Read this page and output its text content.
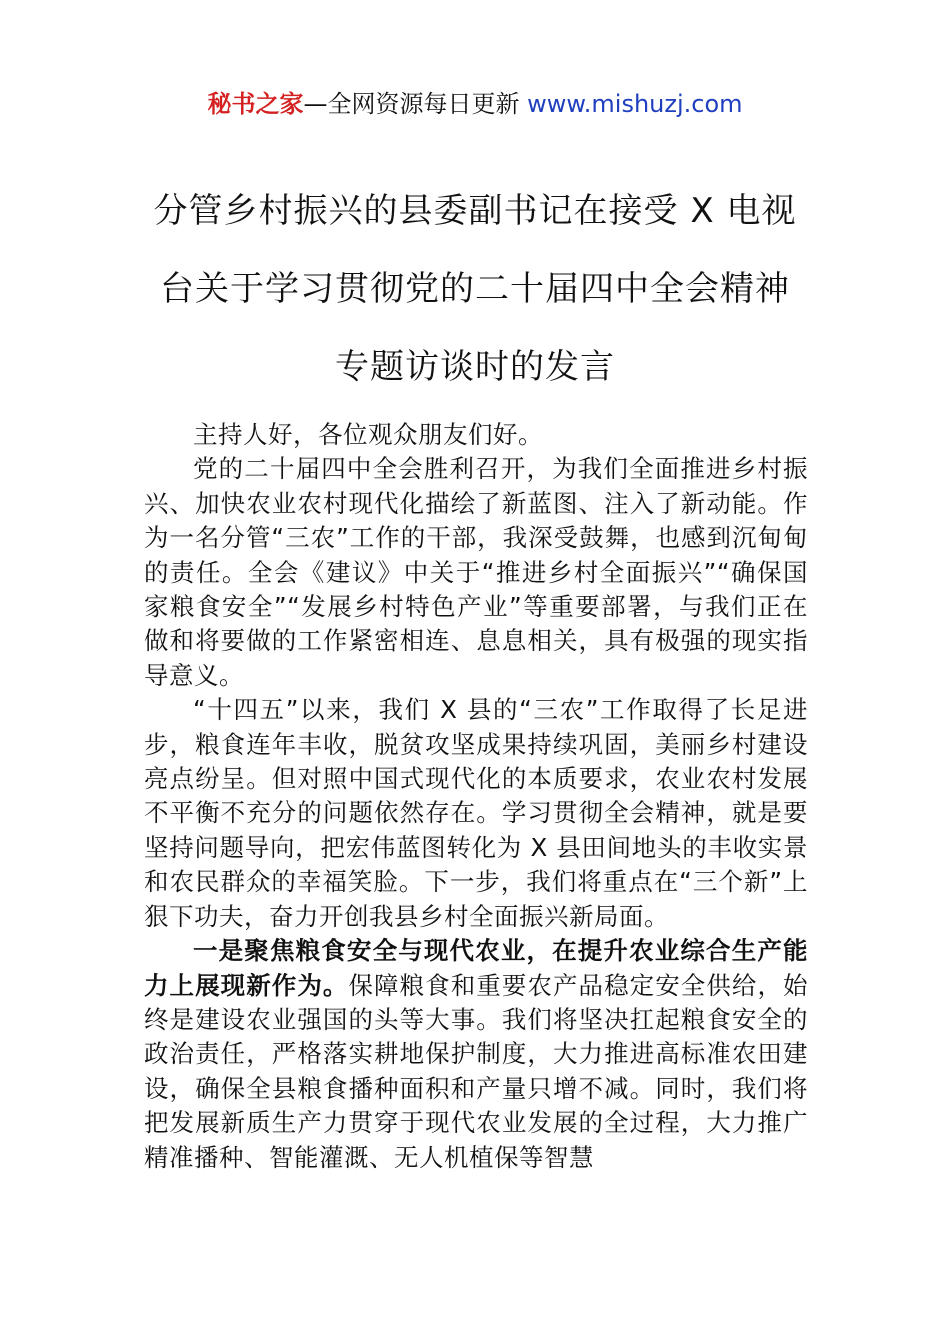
秘书之家—全网资源每日更新 www.mishuzj.com
分管乡村振兴的县委副书记在接受 X 电视
台关于学习贯彻党的二十届四中全会精神
专题访谈时的发言

主持人好，各位观众朋友们好。

党的二十届四中全会胜利召开，为我们全面推进乡村振兴、加快农业农村现代化描绘了新蓝图、注入了新动能。作为一名分管“三农”工作的干部，我深受鼓舞，也感到沉甸甸的责任。全会《建议》中关于“推进乡村全面振兴”“确保国家粮食安全”“发展乡村特色产业”等重要部署，与我们正在做和将要做的工作紧密相连、息息相关，具有极强的现实指导意义。

“十四五”以来，我们 X 县的“三农”工作取得了长足进步，粮食连年丰收，脱贫攻坚成果持续巩固，美丽乡村建设亮点纷呈。但对照中国式现代化的本质要求，农业农村发展不平衡不充分的问题依然存在。学习贯彻全会精神，就是要坚持问题导向，把宏伟蓝图转化为 X 县田间地头的丰收实景和农民群众的幸福笑脸。下一步，我们将重点在“三个新”上狠下功夫，奋力开创我县乡村全面振兴新局面。

一是聚焦粮食安全与现代农业，在提升农业综合生产能力上展现新作为。保障粮食和重要农产品稳定安全供给，始终是建设农业强国的头等大事。我们将坚决扛起粮食安全的政治责任，严格落实耕地保护制度，大力推进高标准农田建设，确保全县粮食播种面积和产量只增不减。同时，我们将把发展新质生产力贯穿于现代农业发展的全过程，大力推广精准播种、智能灌溉、无人机植保等智慧
